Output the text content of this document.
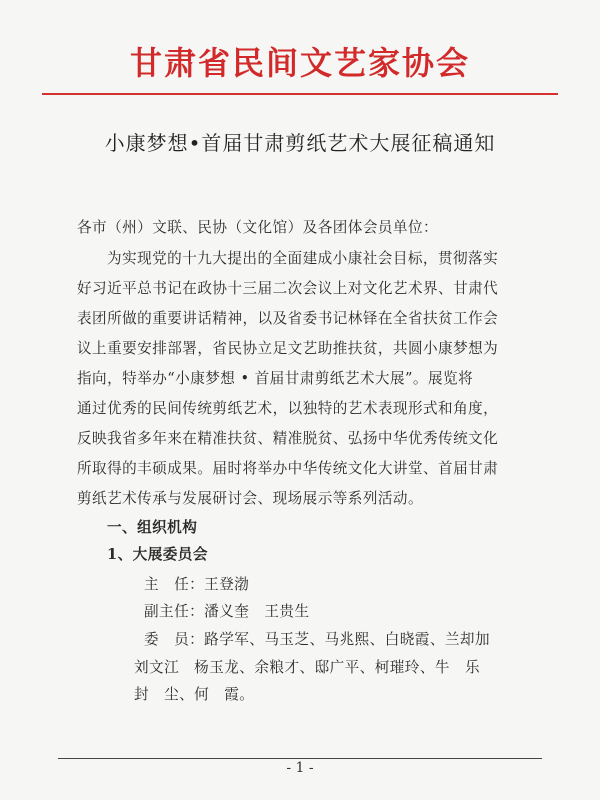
甘肃省民间文艺家协会
小康梦想•首届甘肃剪纸艺术大展征稿通知
各市（州）文联、民协（文化馆）及各团体会员单位：
为实现党的十九大提出的全面建成小康社会目标，贯彻落实
好习近平总书记在政协十三届二次会议上对文化艺术界、甘肃代
表团所做的重要讲话精神，以及省委书记林铎在全省扶贫工作会
议上重要安排部署，省民协立足文艺助推扶贫，共圆小康梦想为
指向，特举办“小康梦想 • 首届甘肃剪纸艺术大展”。展览将
通过优秀的民间传统剪纸艺术，以独特的艺术表现形式和角度，
反映我省多年来在精准扶贫、精准脱贫、弘扬中华优秀传统文化
所取得的丰硕成果。届时将举办中华传统文化大讲堂、首届甘肃
剪纸艺术传承与发展研讨会、现场展示等系列活动。
一、组织机构
1、大展委员会
主　任：王登渤
副主任：潘义奎　王贵生
委　员：路学军、马玉芝、马兆熙、白晓霞、兰却加
刘文江　杨玉龙、余粮才、邸广平、柯璀玲、牛　乐
封　尘、何　霞。
- 1 -
